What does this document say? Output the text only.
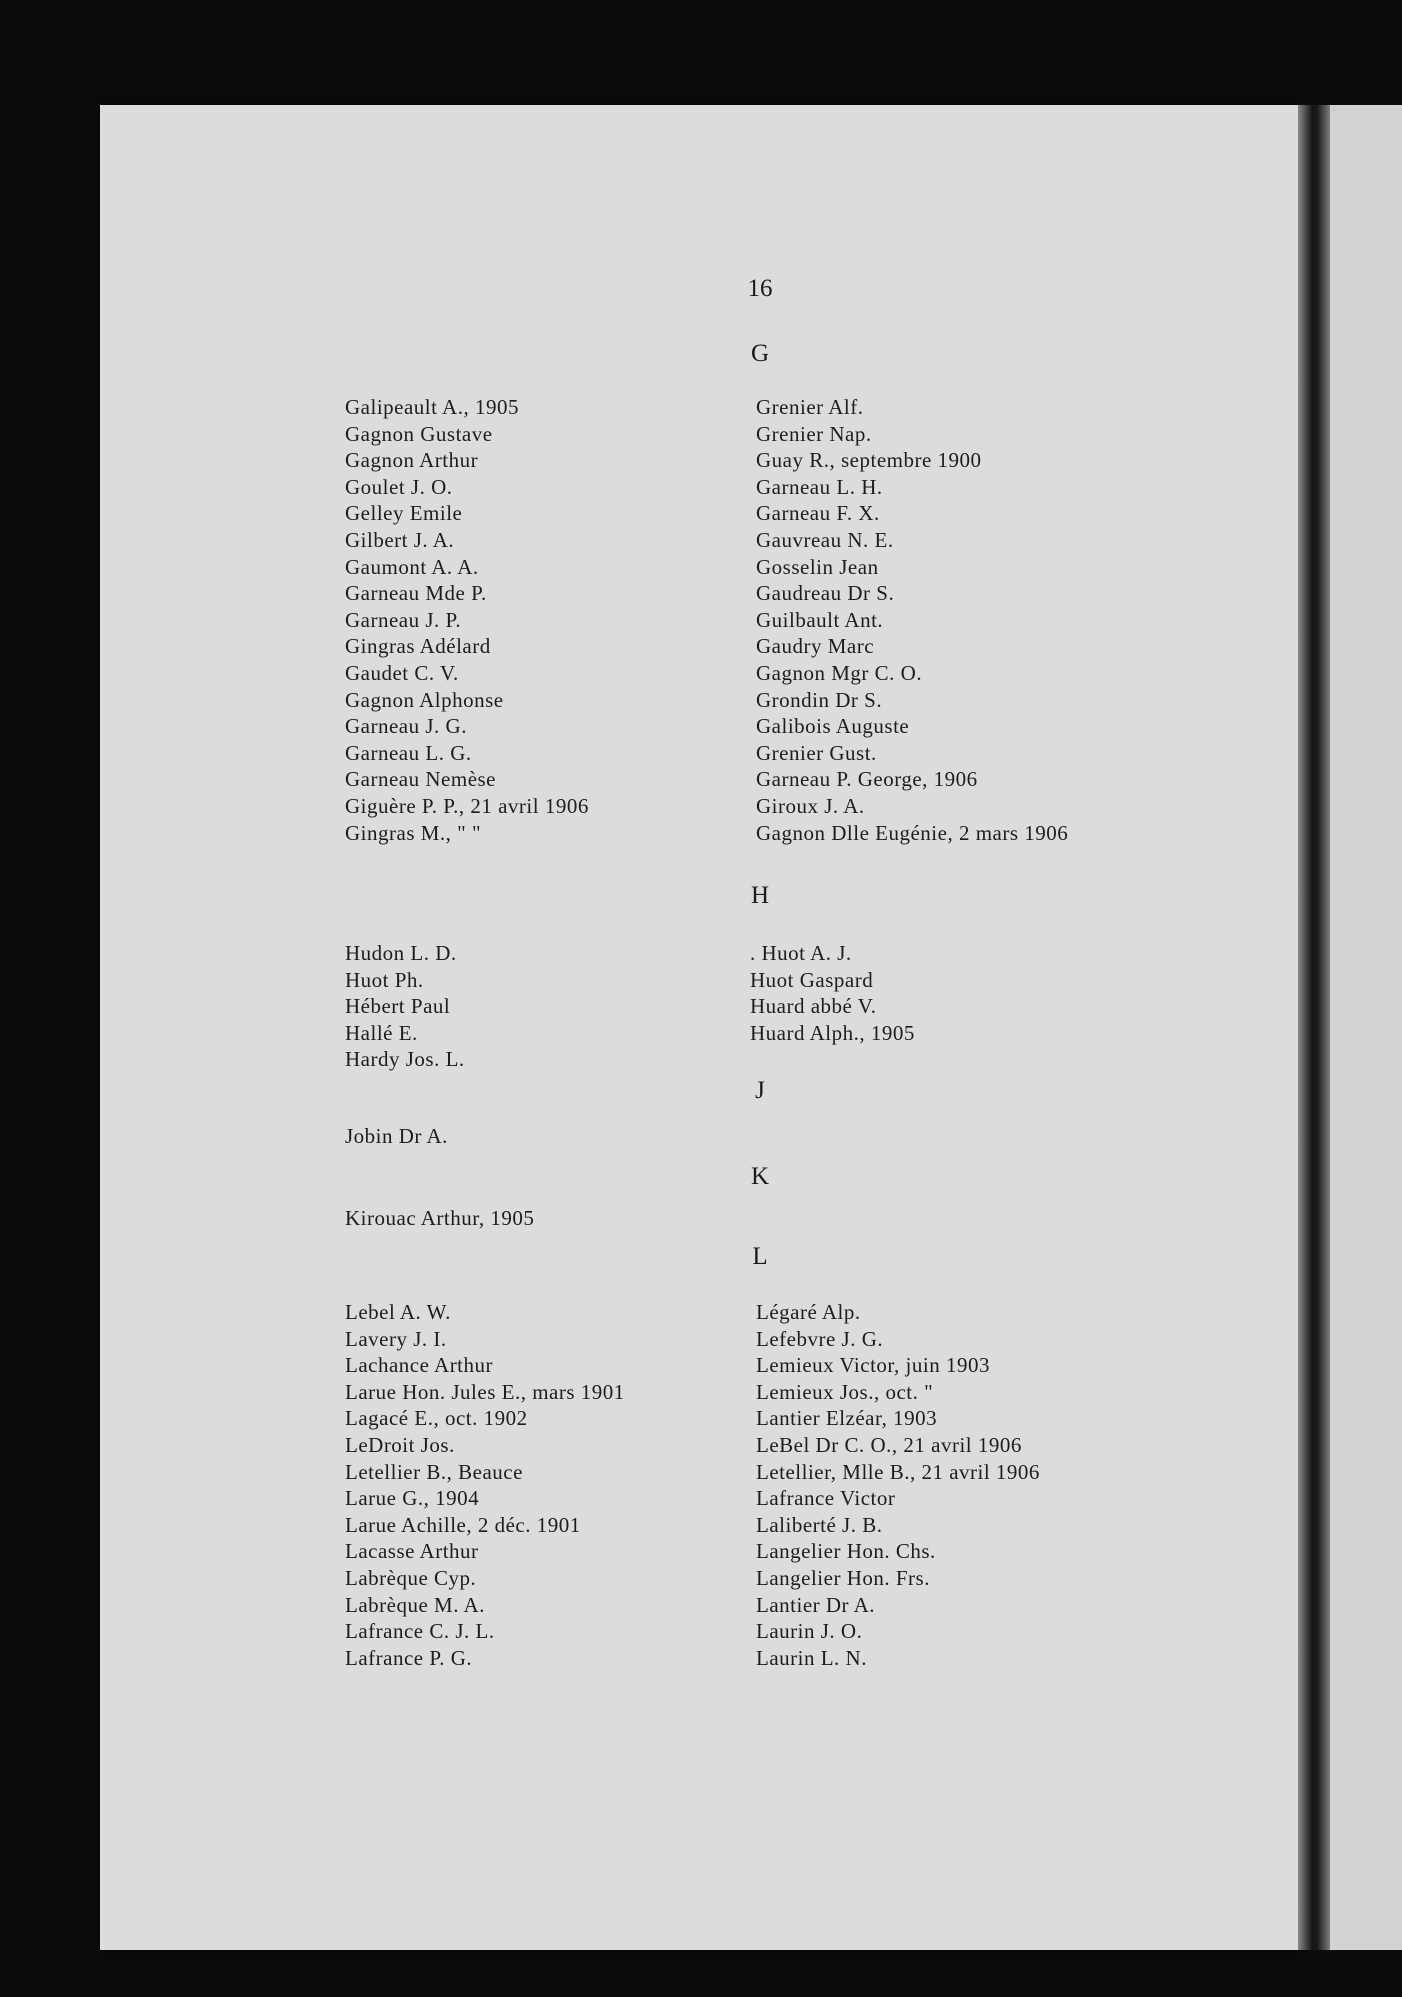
16
G
Galipeault A., 1905
Gagnon Gustave
Gagnon Arthur
Goulet J. O.
Gelley Emile
Gilbert J. A.
Gaumont A. A.
Garneau Mde P.
Garneau J. P.
Gingras Adélard
Gaudet C. V.
Gagnon Alphonse
Garneau J. G.
Garneau L. G.
Garneau Nemèse
Giguère P. P., 21 avril 1906
Gingras M., " "
Grenier Alf.
Grenier Nap.
Guay R., septembre 1900
Garneau L. H.
Garneau F. X.
Gauvreau N. E.
Gosselin Jean
Gaudreau Dr S.
Guilbault Ant.
Gaudry Marc
Gagnon Mgr C. O.
Grondin Dr S.
Galibois Auguste
Grenier Gust.
Garneau P. George, 1906
Giroux J. A.
Gagnon Dlle Eugénie, 2 mars 1906
H
Hudon L. D.
Huot Ph.
Hébert Paul
Hallé E.
Hardy Jos. L.
. Huot A. J.
Huot Gaspard
Huard abbé V.
Huard Alph., 1905
J
Jobin Dr A.
K
Kirouac Arthur, 1905
L
Lebel A. W.
Lavery J. I.
Lachance Arthur
Larue Hon. Jules E., mars 1901
Lagacé E., oct. 1902
LeDroit Jos.
Letellier B., Beauce
Larue G., 1904
Larue Achille, 2 déc. 1901
Lacasse Arthur
Labrèque Cyp.
Labrèque M. A.
Lafrance C. J. L.
Lafrance P. G.
Légaré Alp.
Lefebvre J. G.
Lemieux Victor, juin 1903
Lemieux Jos., oct. "
Lantier Elzéar, 1903
LeBel Dr C. O., 21 avril 1906
Letellier, Mlle B., 21 avril 1906
Lafrance Victor
Laliberté J. B.
Langelier Hon. Chs.
Langelier Hon. Frs.
Lantier Dr A.
Laurin J. O.
Laurin L. N.
